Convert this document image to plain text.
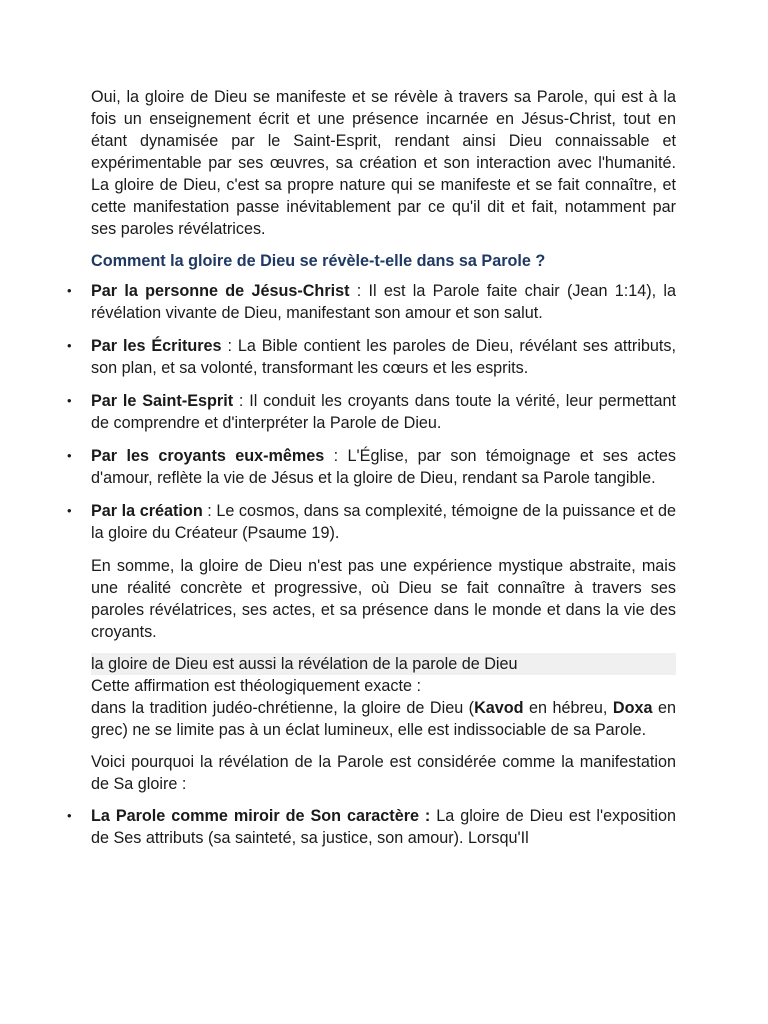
Oui, la gloire de Dieu se manifeste et se révèle à travers sa Parole, qui est à la fois un enseignement écrit et une présence incarnée en Jésus-Christ, tout en étant dynamisée par le Saint-Esprit, rendant ainsi Dieu connaissable et expérimentable par ses œuvres, sa création et son interaction avec l'humanité. La gloire de Dieu, c'est sa propre nature qui se manifeste et se fait connaître, et cette manifestation passe inévitablement par ce qu'il dit et fait, notamment par ses paroles révélatrices.

Comment la gloire de Dieu se révèle-t-elle dans sa Parole ?

• Par la personne de Jésus-Christ : Il est la Parole faite chair (Jean 1:14), la révélation vivante de Dieu, manifestant son amour et son salut.
• Par les Écritures : La Bible contient les paroles de Dieu, révélant ses attributs, son plan, et sa volonté, transformant les cœurs et les esprits.
• Par le Saint-Esprit : Il conduit les croyants dans toute la vérité, leur permettant de comprendre et d'interpréter la Parole de Dieu.
• Par les croyants eux-mêmes : L'Église, par son témoignage et ses actes d'amour, reflète la vie de Jésus et la gloire de Dieu, rendant sa Parole tangible.
• Par la création : Le cosmos, dans sa complexité, témoigne de la puissance et de la gloire du Créateur (Psaume 19).

En somme, la gloire de Dieu n'est pas une expérience mystique abstraite, mais une réalité concrète et progressive, où Dieu se fait connaître à travers ses paroles révélatrices, ses actes, et sa présence dans le monde et dans la vie des croyants.

la gloire de Dieu est aussi la révélation de la parole de Dieu

Cette affirmation est théologiquement exacte :

dans la tradition judéo-chrétienne, la gloire de Dieu (Kavod en hébreu, Doxa en grec) ne se limite pas à un éclat lumineux, elle est indissociable de sa Parole.

Voici pourquoi la révélation de la Parole est considérée comme la manifestation de Sa gloire :

• La Parole comme miroir de Son caractère : La gloire de Dieu est l'exposition de Ses attributs (sa sainteté, sa justice, son amour). Lorsqu'Il
